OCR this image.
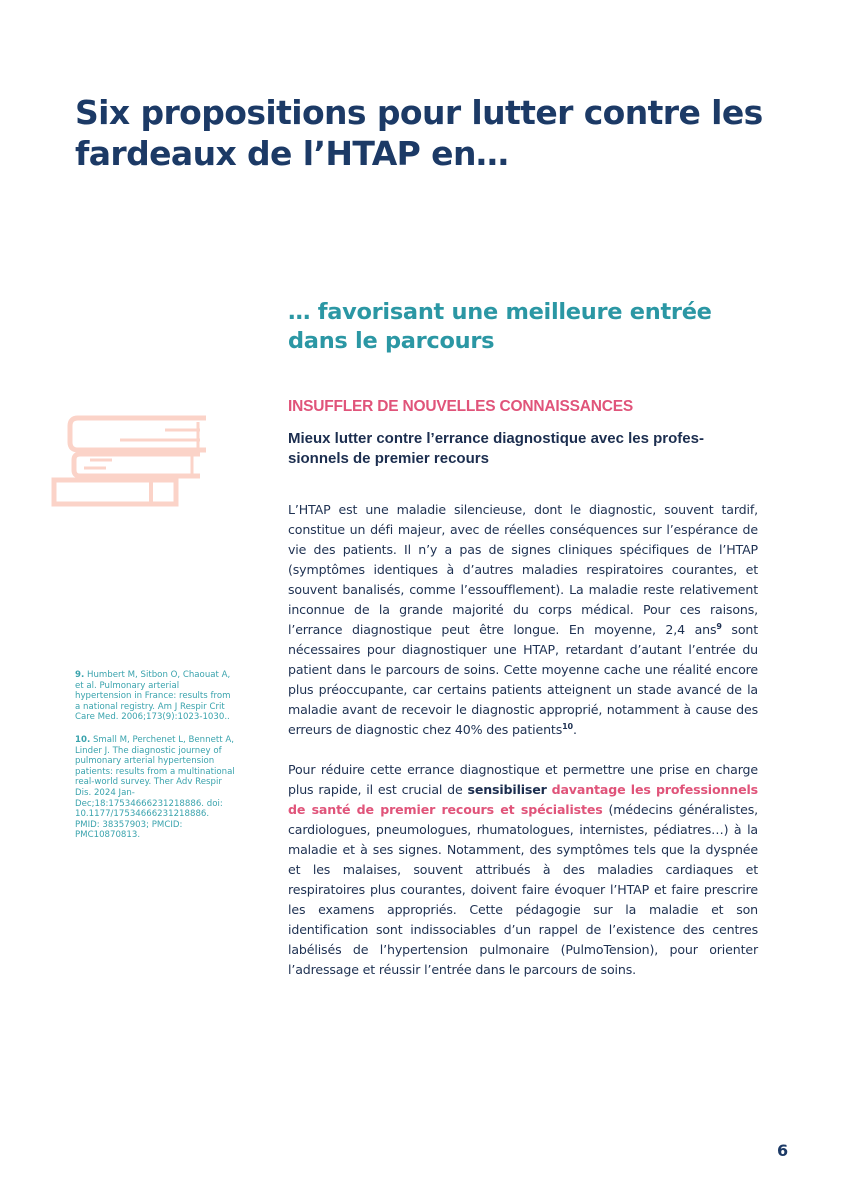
Six propositions pour lutter contre les fardeaux de l’HTAP en…
… favorisant une meilleure entrée dans le parcours
INSUFFLER DE NOUVELLES CONNAISSANCES
Mieux lutter contre l’errance diagnostique avec les professionnels de premier recours

L’HTAP est une maladie silencieuse, dont le diagnostic, souvent tardif, constitue un défi majeur, avec de réelles conséquences sur l’espérance de vie des patients. Il n’y a pas de signes cliniques spécifiques de l’HTAP (symptômes identiques à d’autres maladies respiratoires courantes, et souvent banalisés, comme l’essoufflement). La maladie reste relativement inconnue de la grande majorité du corps médical. Pour ces raisons, l’errance diagnostique peut être longue. En moyenne, 2,4 ans$^9$ sont nécessaires pour diagnostiquer une HTAP, retardant d’autant l’entrée du patient dans le parcours de soins. Cette moyenne cache une réalité encore plus préoccupante, car certains patients atteignent un stade avancé de la maladie avant de recevoir le diagnostic approprié, notamment à cause des erreurs de diagnostic chez 40% des patients$^{10}$.

Pour réduire cette errance diagnostique et permettre une prise en charge plus rapide, il est crucial de sensibiliser davantage les professionnels de santé de premier recours et spécialistes (médecins généralistes, cardiologues, pneumologues, rhumatologues, internistes, pédiatres…) à la maladie et à ses signes. Notamment, des symptômes tels que la dyspnée et les malaises, souvent attribués à des maladies cardiaques et respiratoires plus courantes, doivent faire évoquer l’HTAP et faire prescrire les examens appropriés. Cette pédagogie sur la maladie et son identification sont indissociables d’un rappel de l’existence des centres labélisés de l’hypertension pulmonaire (PulmoTension), pour orienter l’adressage et réussir l’entrée dans le parcours de soins.

9. Humbert M, Sitbon O, Chaouat A, et al. Pulmonary arterial hypertension in France: results from a national registry. Am J Respir Crit Care Med. 2006;173(9):1023-1030..
10. Small M, Perchenet L, Bennett A, Linder J. The diagnostic journey of pulmonary arterial hypertension patients: results from a multinational real-world survey. Ther Adv Respir Dis. 2024 Jan-Dec;18:17534666231218886. doi: 10.1177/17534666231218886. PMID: 38357903; PMCID: PMC10870813.
6
